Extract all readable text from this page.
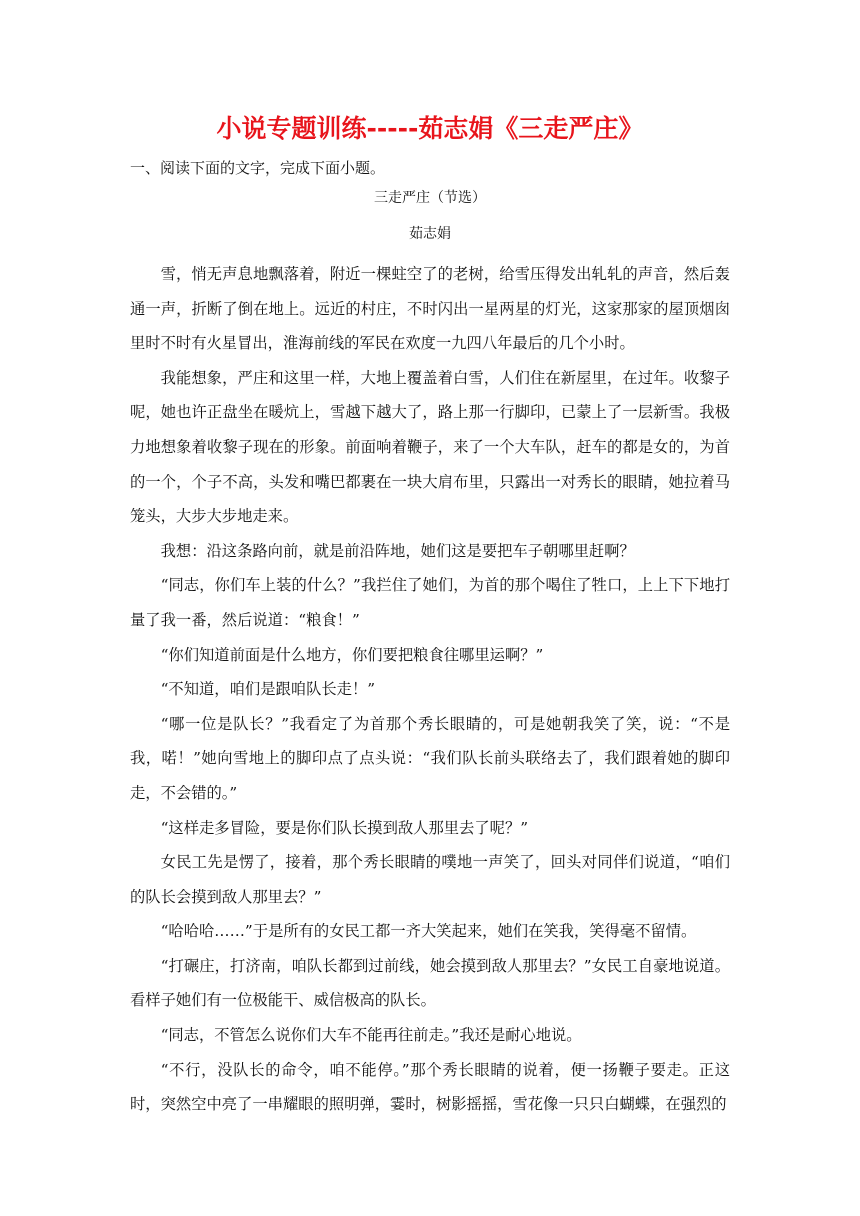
小说专题训练-----茹志娟《三走严庄》
一、阅读下面的文字，完成下面小题。
三走严庄（节选）
茹志娟

雪，悄无声息地飘落着，附近一棵蛀空了的老树，给雪压得发出轧轧的声音，然后轰通一声，折断了倒在地上。远近的村庄，不时闪出一星两星的灯光，这家那家的屋顶烟囱里时不时有火星冒出，淮海前线的军民在欢度一九四八年最后的几个小时。

我能想象，严庄和这里一样，大地上覆盖着白雪，人们住在新屋里，在过年。收黎子呢，她也许正盘坐在暖炕上，雪越下越大了，路上那一行脚印，已蒙上了一层新雪。我极力地想象着收黎子现在的形象。前面响着鞭子，来了一个大车队，赶车的都是女的，为首的一个，个子不高，头发和嘴巴都裹在一块大肩布里，只露出一对秀长的眼睛，她拉着马笼头，大步大步地走来。

我想：沿这条路向前，就是前沿阵地，她们这是要把车子朝哪里赶啊？

“同志，你们车上装的什么？”我拦住了她们，为首的那个喝住了牲口，上上下下地打量了我一番，然后说道：“粮食！”

“你们知道前面是什么地方，你们要把粮食往哪里运啊？”

“不知道，咱们是跟咱队长走！”

“哪一位是队长？”我看定了为首那个秀长眼睛的，可是她朝我笑了笑，说：“不是我，喏！”她向雪地上的脚印点了点头说：“我们队长前头联络去了，我们跟着她的脚印走，不会错的。”

“这样走多冒险，要是你们队长摸到敌人那里去了呢？”

女民工先是愣了，接着，那个秀长眼睛的噗地一声笑了，回头对同伴们说道，“咱们的队长会摸到敌人那里去？”

“哈哈哈……”于是所有的女民工都一齐大笑起来，她们在笑我，笑得毫不留情。

“打碾庄，打济南，咱队长都到过前线，她会摸到敌人那里去？”女民工自豪地说道。看样子她们有一位极能干、威信极高的队长。

“同志，不管怎么说你们大车不能再往前走。”我还是耐心地说。

“不行，没队长的命令，咱不能停。”那个秀长眼睛的说着，便一扬鞭子要走。正这时，突然空中亮了一串耀眼的照明弹，霎时，树影摇摇，雪花像一只只白蝴蝶，在强烈的
